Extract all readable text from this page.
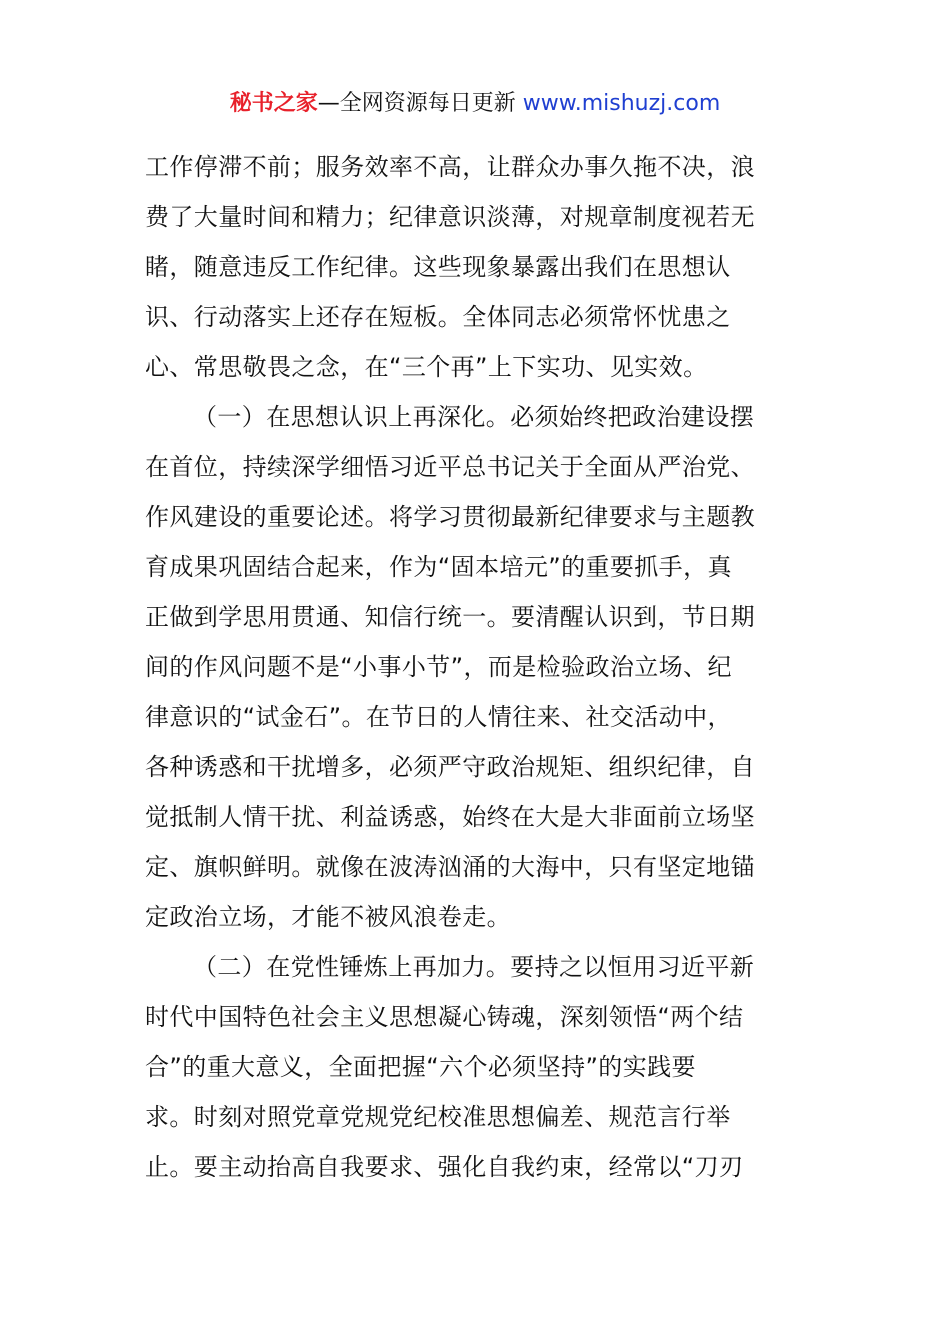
秘书之家—全网资源每日更新 www.mishuzj.com
工作停滞不前；服务效率不高，让群众办事久拖不决，浪
费了大量时间和精力；纪律意识淡薄，对规章制度视若无
睹，随意违反工作纪律。这些现象暴露出我们在思想认
识、行动落实上还存在短板。全体同志必须常怀忧患之
心、常思敬畏之念，在“三个再”上下实功、见实效。
（一）在思想认识上再深化。必须始终把政治建设摆
在首位，持续深学细悟习近平总书记关于全面从严治党、
作风建设的重要论述。将学习贯彻最新纪律要求与主题教
育成果巩固结合起来，作为“固本培元”的重要抓手，真
正做到学思用贯通、知信行统一。要清醒认识到，节日期
间的作风问题不是“小事小节”，而是检验政治立场、纪
律意识的“试金石”。在节日的人情往来、社交活动中，
各种诱惑和干扰增多，必须严守政治规矩、组织纪律，自
觉抵制人情干扰、利益诱惑，始终在大是大非面前立场坚
定、旗帜鲜明。就像在波涛汹涌的大海中，只有坚定地锚
定政治立场，才能不被风浪卷走。
（二）在党性锤炼上再加力。要持之以恒用习近平新
时代中国特色社会主义思想凝心铸魂，深刻领悟“两个结
合”的重大意义，全面把握“六个必须坚持”的实践要
求。时刻对照党章党规党纪校准思想偏差、规范言行举
止。要主动抬高自我要求、强化自我约束，经常以“刀刃
